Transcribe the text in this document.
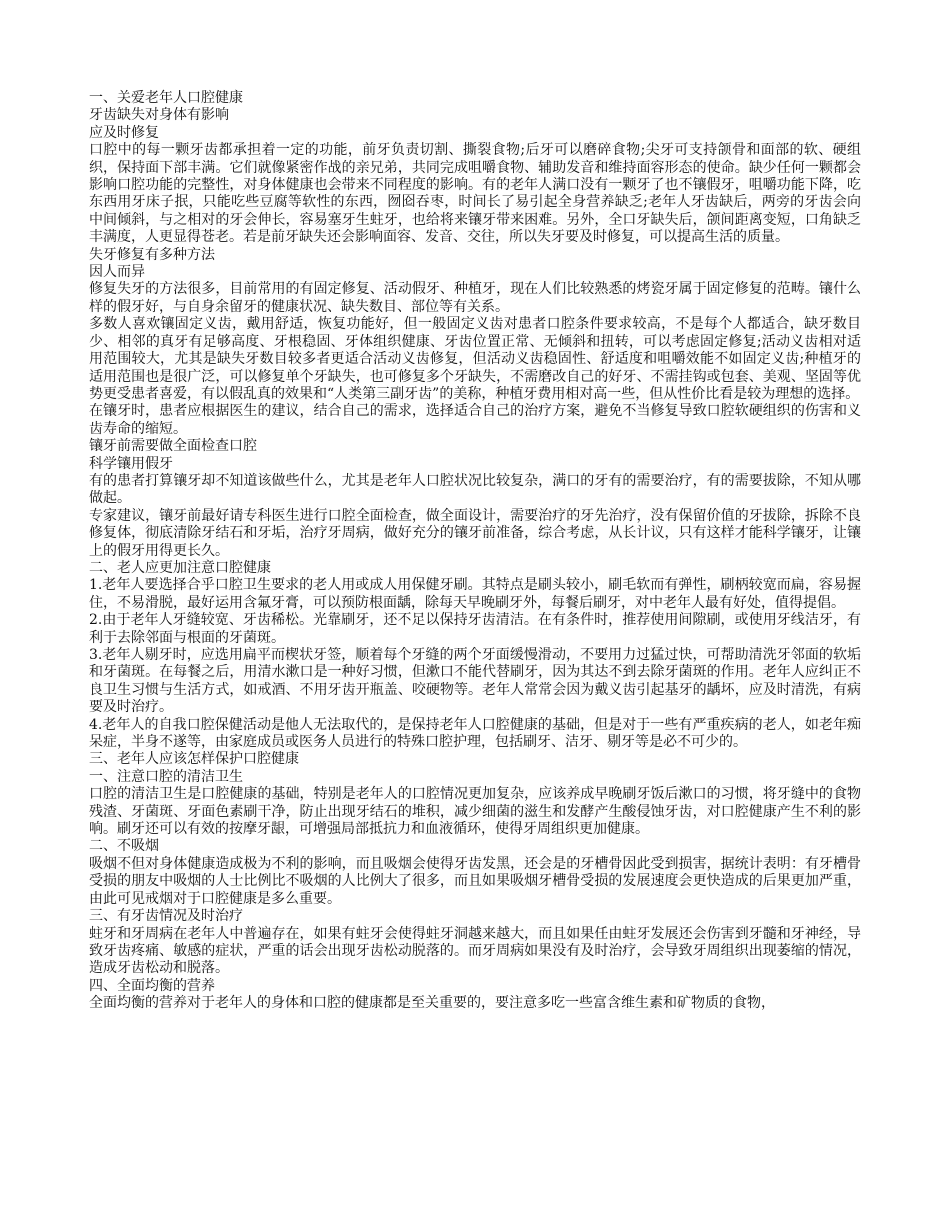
一、关爱老年人口腔健康

牙齿缺失对身体有影响

应及时修复

口腔中的每一颗牙齿都承担着一定的功能，前牙负责切割、撕裂食物;后牙可以磨碎食物;尖牙可支持颌骨和面部的软、硬组织，保持面下部丰满。它们就像紧密作战的亲兄弟，共同完成咀嚼食物、辅助发音和维持面容形态的使命。缺少任何一颗都会影响口腔功能的完整性，对身体健康也会带来不同程度的影响。有的老年人满口没有一颗牙了也不镶假牙，咀嚼功能下降，吃东西用牙床子抿，只能吃些豆腐等软性的东西，囫囵吞枣，时间长了易引起全身营养缺乏;老年人牙齿缺后，两旁的牙齿会向中间倾斜，与之相对的牙会伸长，容易塞牙生蛀牙，也给将来镶牙带来困难。另外，全口牙缺失后，颌间距离变短，口角缺乏丰满度，人更显得苍老。若是前牙缺失还会影响面容、发音、交往，所以失牙要及时修复，可以提高生活的质量。

失牙修复有多种方法

因人而异

修复失牙的方法很多，目前常用的有固定修复、活动假牙、种植牙，现在人们比较熟悉的烤瓷牙属于固定修复的范畴。镶什么样的假牙好，与自身余留牙的健康状况、缺失数目、部位等有关系。

多数人喜欢镶固定义齿，戴用舒适，恢复功能好，但一般固定义齿对患者口腔条件要求较高，不是每个人都适合，缺牙数目少、相邻的真牙有足够高度、牙根稳固、牙体组织健康、牙齿位置正常、无倾斜和扭转，可以考虑固定修复;活动义齿相对适用范围较大，尤其是缺失牙数目较多者更适合活动义齿修复，但活动义齿稳固性、舒适度和咀嚼效能不如固定义齿;种植牙的适用范围也是很广泛，可以修复单个牙缺失，也可修复多个牙缺失，不需磨改自己的好牙、不需挂钩或包套、美观、坚固等优势更受患者喜爱，有以假乱真的效果和“人类第三副牙齿”的美称，种植牙费用相对高一些，但从性价比看是较为理想的选择。

在镶牙时，患者应根据医生的建议，结合自己的需求，选择适合自己的治疗方案，避免不当修复导致口腔软硬组织的伤害和义齿寿命的缩短。

镶牙前需要做全面检查口腔

科学镶用假牙

有的患者打算镶牙却不知道该做些什么，尤其是老年人口腔状况比较复杂，满口的牙有的需要治疗，有的需要拔除，不知从哪做起。

专家建议，镶牙前最好请专科医生进行口腔全面检查，做全面设计，需要治疗的牙先治疗，没有保留价值的牙拔除，拆除不良修复体，彻底清除牙结石和牙垢，治疗牙周病，做好充分的镶牙前准备，综合考虑，从长计议，只有这样才能科学镶牙，让镶上的假牙用得更长久。

二、老人应更加注意口腔健康

1.老年人要选择合乎口腔卫生要求的老人用或成人用保健牙刷。其特点是刷头较小，刷毛软而有弹性，刷柄较宽而扁，容易握住，不易滑脱，最好运用含氟牙膏，可以预防根面龋，除每天早晚刷牙外，每餐后刷牙，对中老年人最有好处，值得提倡。

2.由于老年人牙缝较宽、牙齿稀松。光靠刷牙，还不足以保持牙齿清洁。在有条件时，推荐使用间隙刷，或使用牙线洁牙，有利于去除邻面与根面的牙菌斑。

3.老年人剔牙时，应选用扁平而楔状牙签，顺着每个牙缝的两个牙面缓慢滑动，不要用力过猛过快，可帮助清洗牙邻面的软垢和牙菌斑。在每餐之后，用清水漱口是一种好习惯，但漱口不能代替刷牙，因为其达不到去除牙菌斑的作用。老年人应纠正不良卫生习惯与生活方式，如戒酒、不用牙齿开瓶盖、咬硬物等。老年人常常会因为戴义齿引起基牙的龋坏，应及时清洗，有病要及时治疗。

4.老年人的自我口腔保健活动是他人无法取代的，是保持老年人口腔健康的基础，但是对于一些有严重疾病的老人，如老年痴呆症，半身不遂等，由家庭成员或医务人员进行的特殊口腔护理，包括刷牙、洁牙、剔牙等是必不可少的。

三、老年人应该怎样保护口腔健康

一、注意口腔的清洁卫生

口腔的清洁卫生是口腔健康的基础，特别是老年人的口腔情况更加复杂，应该养成早晚刷牙饭后漱口的习惯，将牙缝中的食物残渣、牙菌斑、牙面色素刷干净，防止出现牙结石的堆积，减少细菌的滋生和发酵产生酸侵蚀牙齿，对口腔健康产生不利的影响。刷牙还可以有效的按摩牙龈，可增强局部抵抗力和血液循环，使得牙周组织更加健康。

二、不吸烟

吸烟不但对身体健康造成极为不利的影响，而且吸烟会使得牙齿发黑，还会是的牙槽骨因此受到损害，据统计表明：有牙槽骨受损的朋友中吸烟的人士比例比不吸烟的人比例大了很多，而且如果吸烟牙槽骨受损的发展速度会更快造成的后果更加严重，由此可见戒烟对于口腔健康是多么重要。

三、有牙齿情况及时治疗

蛀牙和牙周病在老年人中普遍存在，如果有蛀牙会使得蛀牙洞越来越大，而且如果任由蛀牙发展还会伤害到牙髓和牙神经，导致牙齿疼痛、敏感的症状，严重的话会出现牙齿松动脱落的。而牙周病如果没有及时治疗，会导致牙周组织出现萎缩的情况，造成牙齿松动和脱落。

四、全面均衡的营养

全面均衡的营养对于老年人的身体和口腔的健康都是至关重要的，要注意多吃一些富含维生素和矿物质的食物，
